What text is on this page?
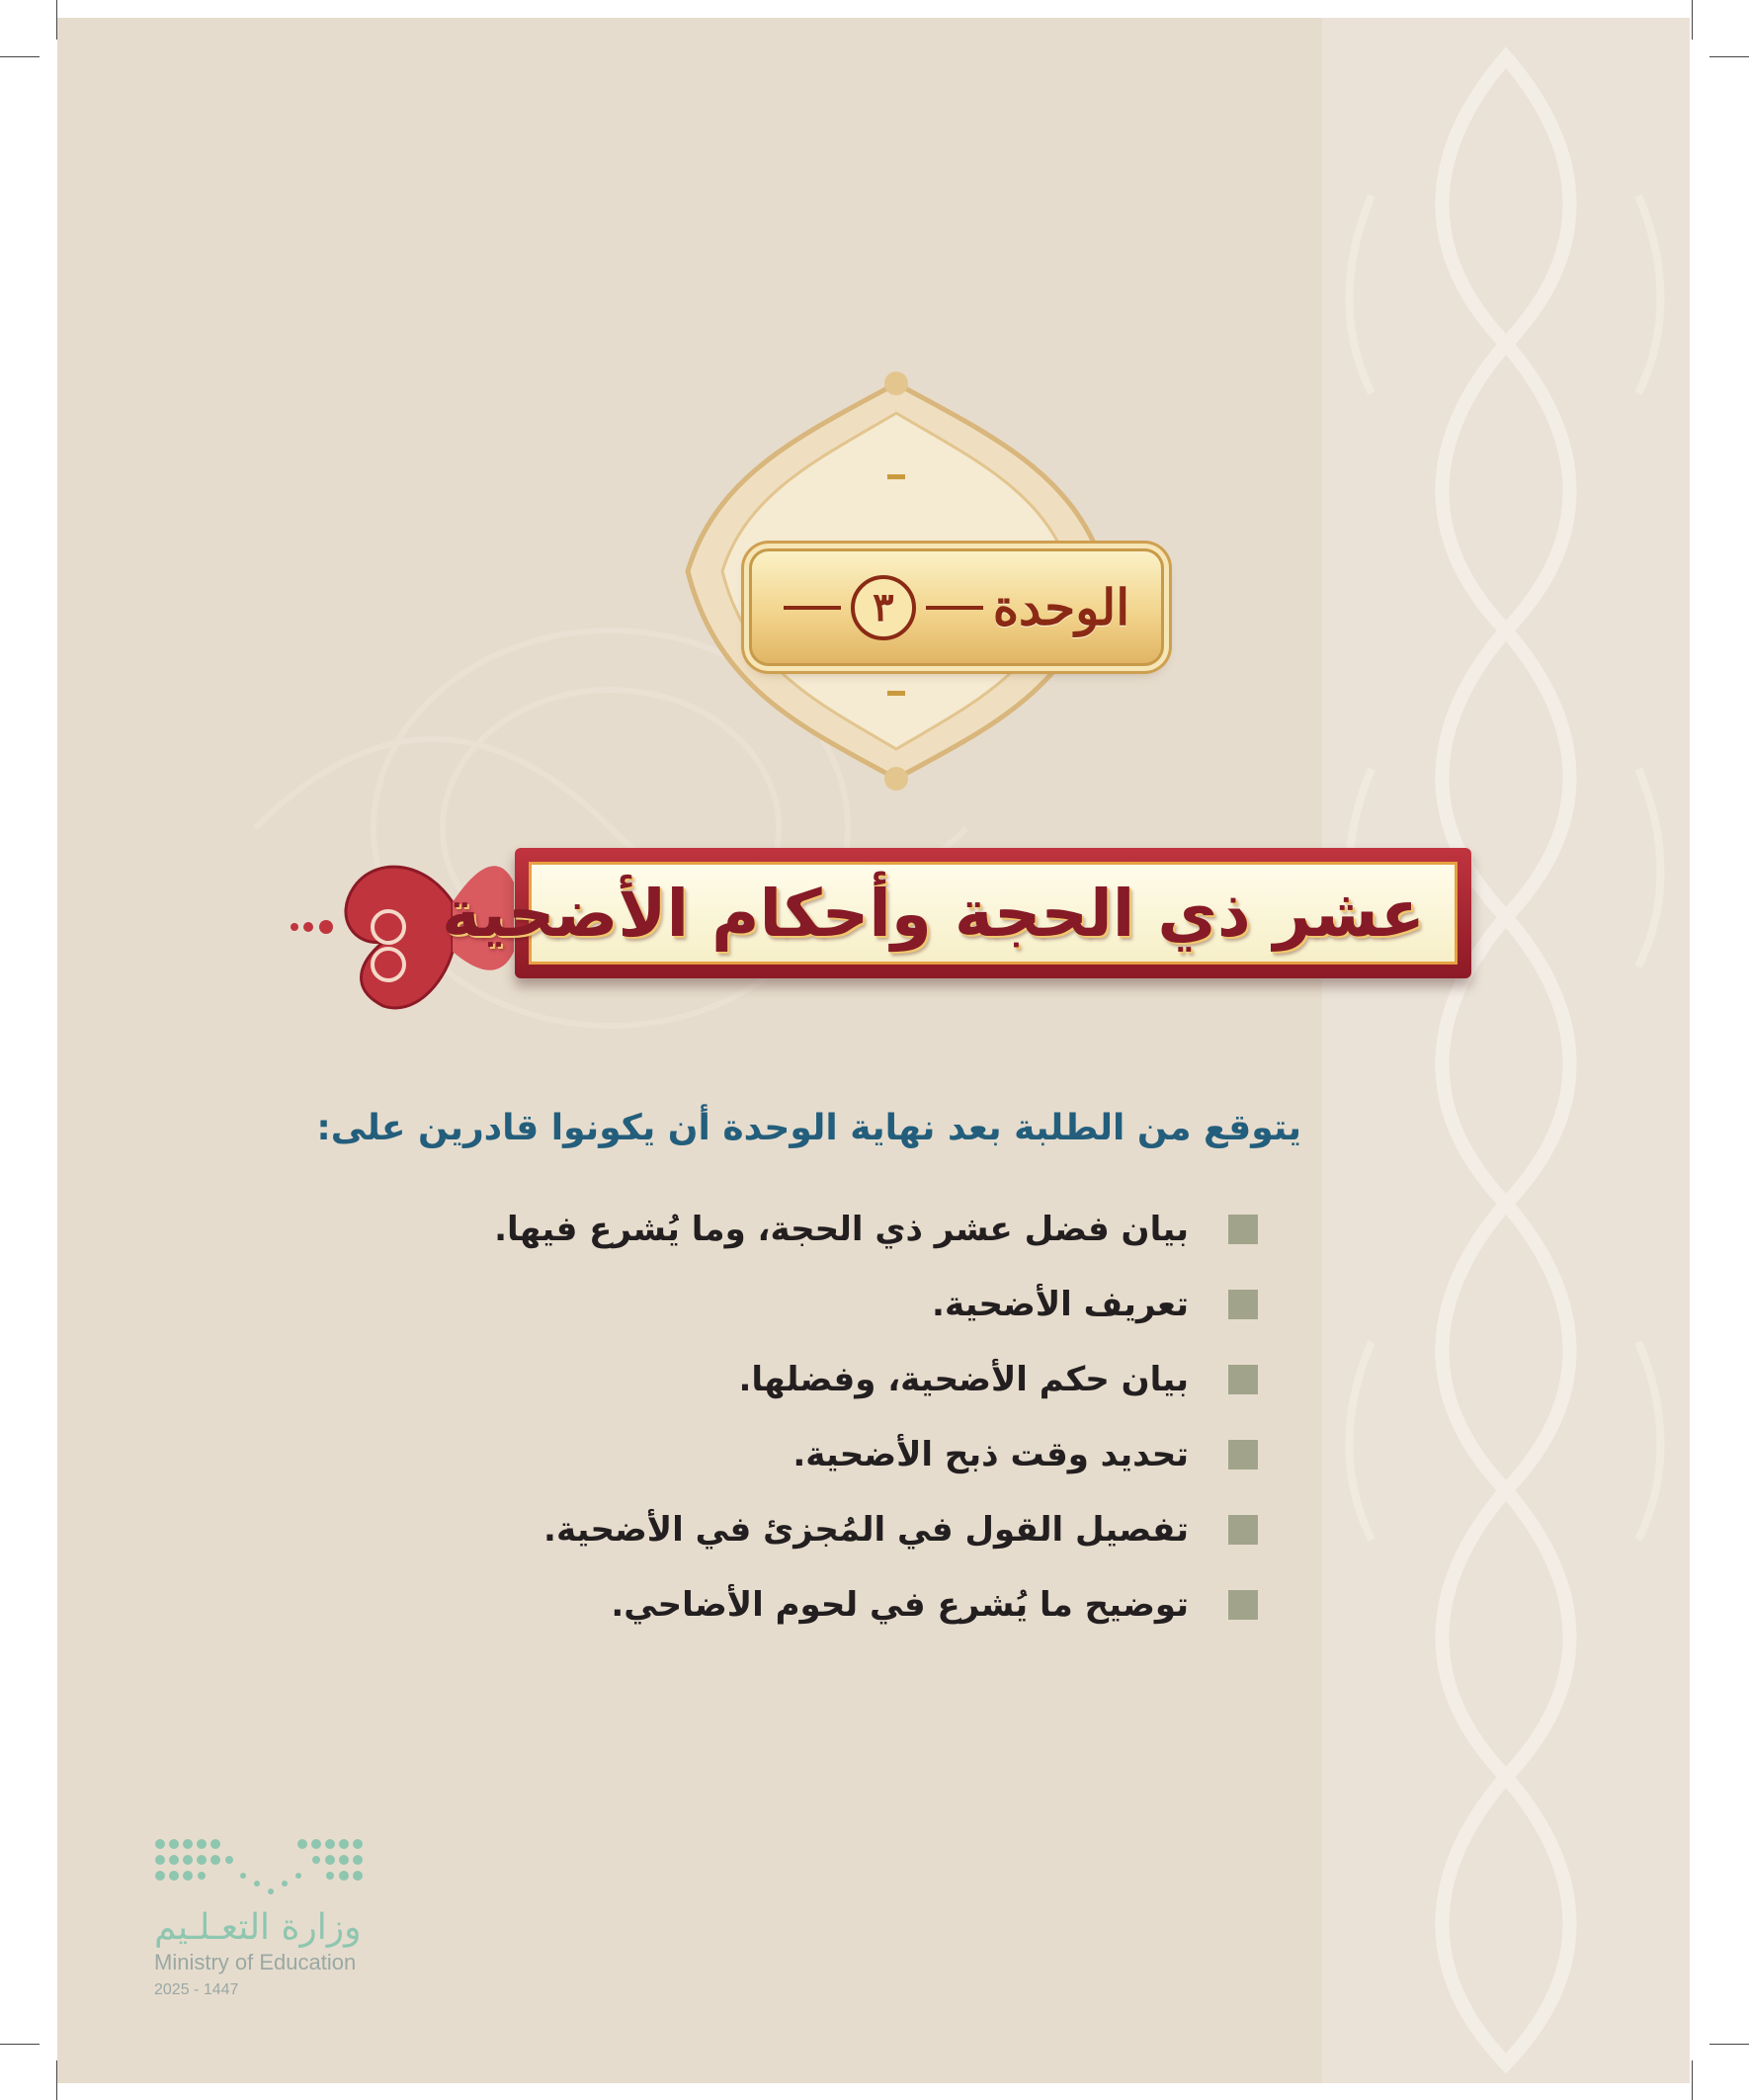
الوحدة
٣
عشر ذي الحجة وأحكام الأضحية
يتوقع من الطلبة بعد نهاية الوحدة أن يكونوا قادرين على:
بيان فضل عشر ذي الحجة، وما يُشرع فيها.
تعريف الأضحية.
بيان حكم الأضحية، وفضلها.
تحديد وقت ذبح الأضحية.
تفصيل القول في المُجزئ في الأضحية.
توضيح ما يُشرع في لحوم الأضاحي.
وزارة التعـلـيم
Ministry of Education
2025 - 1447
